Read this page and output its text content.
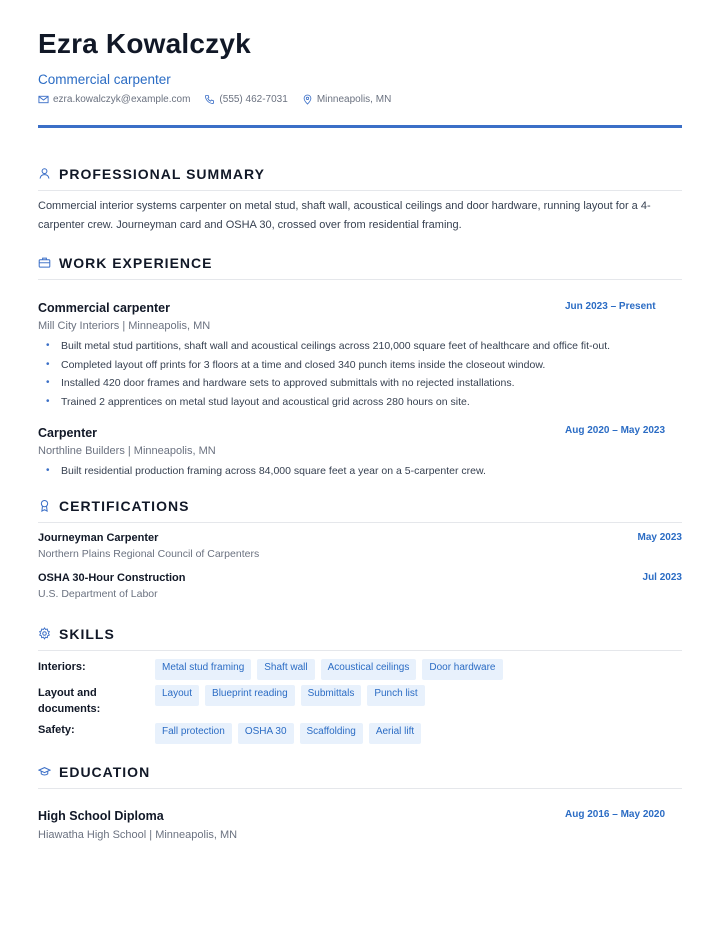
Ezra Kowalczyk
Commercial carpenter
ezra.kowalczyk@example.com	(555) 462-7031	Minneapolis, MN
PROFESSIONAL SUMMARY
Commercial interior systems carpenter on metal stud, shaft wall, acoustical ceilings and door hardware, running layout for a 4-carpenter crew. Journeyman card and OSHA 30, crossed over from residential framing.
WORK EXPERIENCE
Commercial carpenter	Jun 2023 – Present
Mill City Interiors | Minneapolis, MN
• Built metal stud partitions, shaft wall and acoustical ceilings across 210,000 square feet of healthcare and office fit-out.
• Completed layout off prints for 3 floors at a time and closed 340 punch items inside the closeout window.
• Installed 420 door frames and hardware sets to approved submittals with no rejected installations.
• Trained 2 apprentices on metal stud layout and acoustical grid across 280 hours on site.
Carpenter	Aug 2020 – May 2023
Northline Builders | Minneapolis, MN
• Built residential production framing across 84,000 square feet a year on a 5-carpenter crew.
CERTIFICATIONS
Journeyman Carpenter	May 2023
Northern Plains Regional Council of Carpenters
OSHA 30-Hour Construction	Jul 2023
U.S. Department of Labor
SKILLS
Interiors:	Metal stud framing	Shaft wall	Acoustical ceilings	Door hardware
Layout and documents:
Layout	Blueprint reading	Submittals	Punch list
Safety:	Fall protection	OSHA 30	Scaffolding	Aerial lift
EDUCATION
High School Diploma	Aug 2016 – May 2020
Hiawatha High School | Minneapolis, MN
